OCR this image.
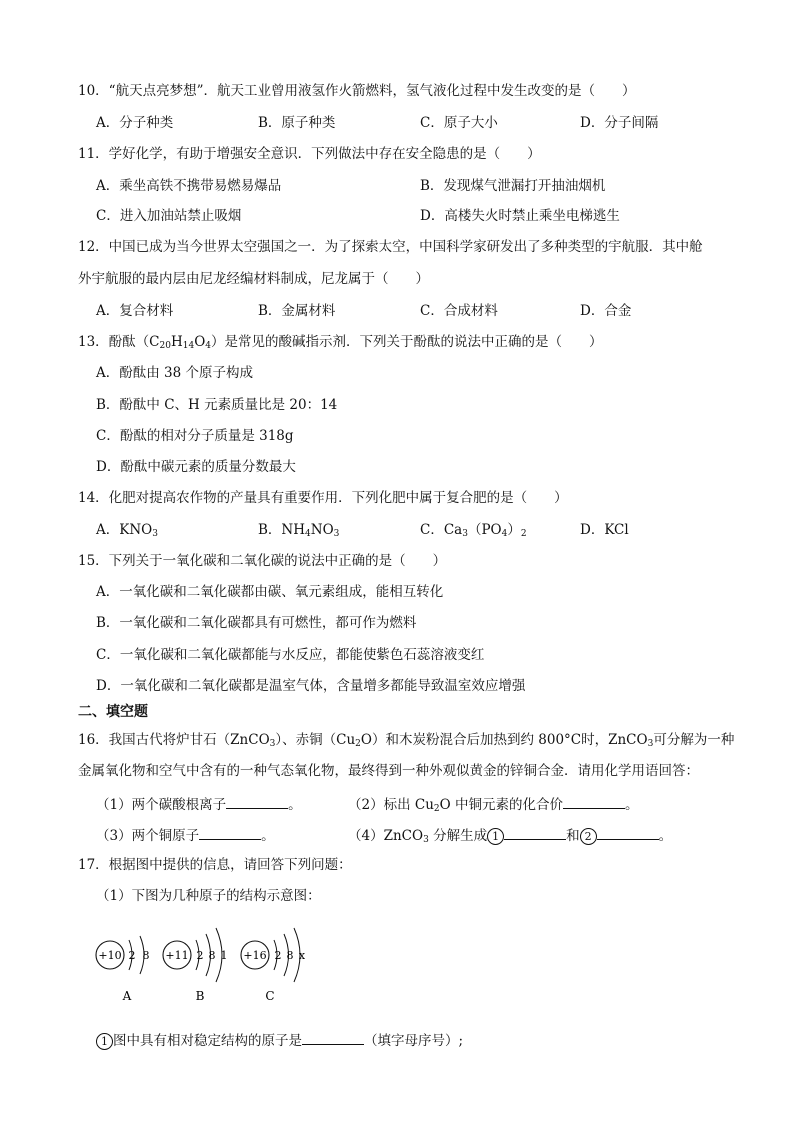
10．“航天点亮梦想”．航天工业曾用液氢作火箭燃料，氢气液化过程中发生改变的是（　　）
A．分子种类	B．原子种类	C．原子大小	D．分子间隔
11．学好化学，有助于增强安全意识．下列做法中存在安全隐患的是（　　）
A．乘坐高铁不携带易燃易爆品	B．发现煤气泄漏打开抽油烟机
C．进入加油站禁止吸烟	D．高楼失火时禁止乘坐电梯逃生
12．中国已成为当今世界太空强国之一．为了探索太空，中国科学家研发出了多种类型的宇航服．其中舱
外宇航服的最内层由尼龙经编材料制成，尼龙属于（　　）
A．复合材料	B．金属材料	C．合成材料	D．合金
13．酚酞$(C_{20}H_{14}O_4)$是常见的酸碱指示剂．下列关于酚酞的说法中正确的是（　　）
A．酚酞由 38 个原子构成
B．酚酞中 C、H 元素质量比是 20：14
C．酚酞的相对分子质量是 318g
D．酚酞中碳元素的质量分数最大
14．化肥对提高农作物的产量具有重要作用．下列化肥中属于复合肥的是（　　）
A．$KNO_3$	B．$NH_4NO_3$	C．$Ca_3(PO_4)_2$	D．KCl
15．下列关于一氧化碳和二氧化碳的说法中正确的是（　　）
A．一氧化碳和二氧化碳都由碳、氧元素组成，能相互转化
B．一氧化碳和二氧化碳都具有可燃性，都可作为燃料
C．一氧化碳和二氧化碳都能与水反应，都能使紫色石蕊溶液变红
D．一氧化碳和二氧化碳都是温室气体，含量增多都能导致温室效应增强
二、填空题
16．我国古代将炉甘石（ZnCO$_3$）、赤铜$(Cu_2O)$和木炭粉混合后加热到约 800°C时，ZnCO$_3$可分解为一种
金属氧化物和空气中含有的一种气态氧化物，最终得到一种外观似黄金的锌铜合金．请用化学用语回答：
（1）两个碳酸根离子	。	（2）标出 $Cu_2O$ 中铜元素的化合价	。
（3）两个铜原子	。	（4）ZnCO$_3$ 分解生成 1	和 2	。
17．根据图中提供的信息，请回答下列问题：
（1）下图为几种原子的结构示意图：
+10 2 8
A
+11 2 8 1
B
+16 2 8 x
C
1 图中具有相对稳定结构的原子是	（填字母序号）;
